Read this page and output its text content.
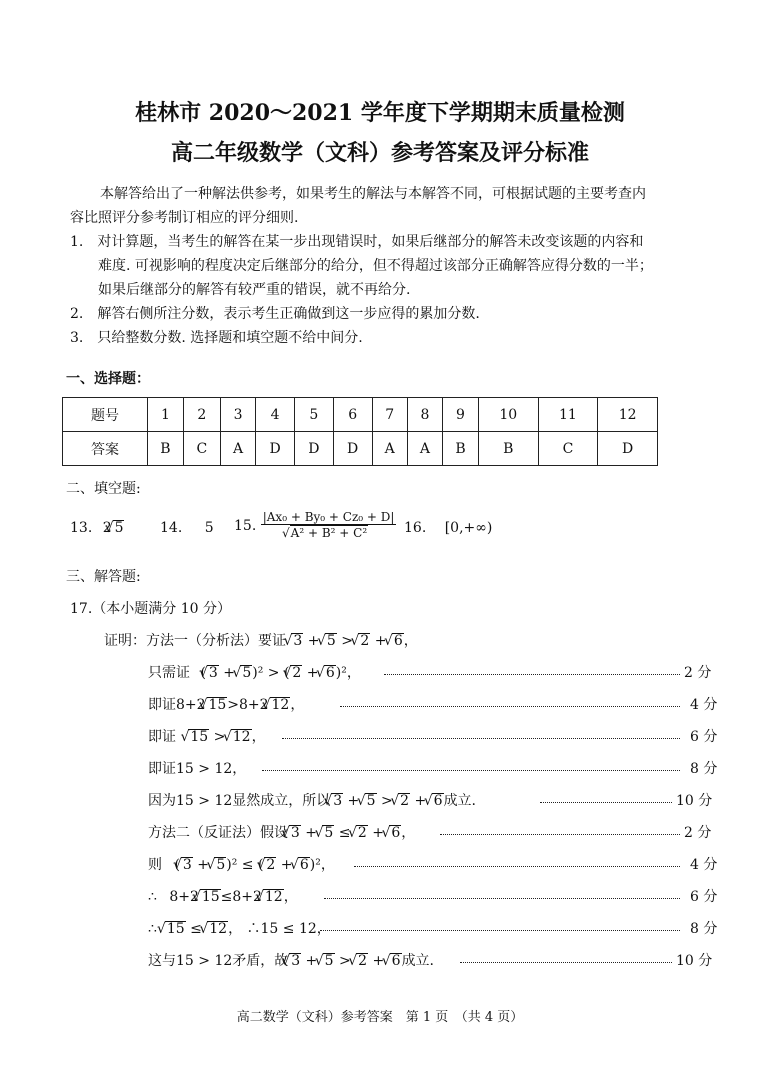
桂林市 2020～2021 学年度下学期期末质量检测
高二年级数学（文科）参考答案及评分标准
本解答给出了一种解法供参考，如果考生的解法与本解答不同，可根据试题的主要考查内
容比照评分参考制订相应的评分细则.
1.　对计算题，当考生的解答在某一步出现错误时，如果后继部分的解答未改变该题的内容和
难度. 可视影响的程度决定后继部分的给分，但不得超过该部分正确解答应得分数的一半；
如果后继部分的解答有较严重的错误，就不再给分.
2.　解答右侧所注分数，表示考生正确做到这一步应得的累加分数.
3.　只给整数分数. 选择题和填空题不给中间分.
一、选择题：
题号	1	2	3	4	5	6	7	8	9	10	11	12
答案	B	C	A	D	D	D	A	A	B	B	C	D
二、填空题:
13. 2 √ 5	14. 5 15. |Ax₀ + By₀ + Cz₀ + D|
√ A² + B² + C² 16. [0,+∞)
三、解答题:
17.（本小题满分 10 分）
证明：方法一（分析法）要证 √ 3 + √ 5 > √ 2 + √ 6，
只需证 ( √ 3 + √ 5)² > ( √ 2 + √ 6)²，	2 分
即证8+2 √ 15>8+2 √ 12，	4 分
即证 √ 15 > √ 12，	6 分
即证15 > 12，	8 分
因为15 > 12显然成立，所以 √ 3 + √ 5 > √ 2 + √ 6成立.	10 分
方法二（反证法）假设 √ 3 + √ 5 ≤ √ 2 + √ 6，	2 分
则 ( √ 3 + √ 5)² ≤ ( √ 2 + √ 6)²，	4 分
∴ 8+2 √ 15≤8+2 √ 12，	6 分
∴ √ 15 ≤ √ 12， ∴15 ≤ 12，	8 分
这与15 > 12矛盾，故 √ 3 + √ 5 > √ 2 + √ 6成立.	10 分
高二数学（文科）参考答案　第 1 页　（共 4 页）
